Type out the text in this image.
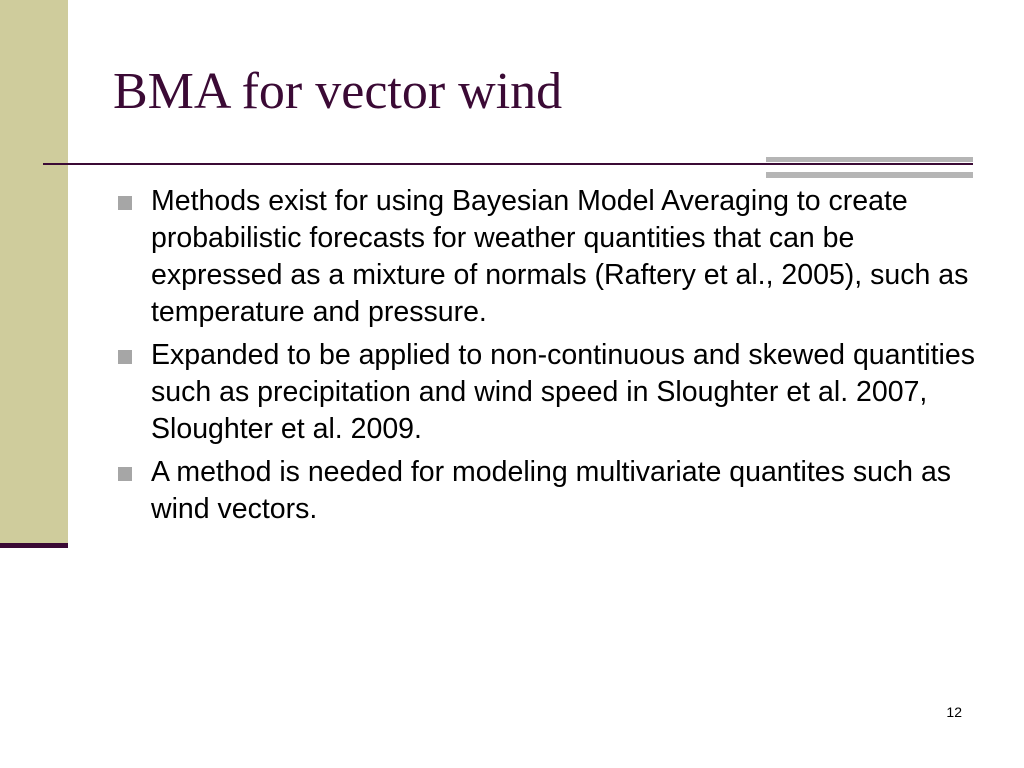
BMA for vector wind
Methods exist for using Bayesian Model Averaging to create probabilistic forecasts for weather quantities that can be expressed as a mixture of normals (Raftery et al., 2005), such as temperature and pressure.
Expanded to be applied to non-continuous and skewed quantities such as precipitation and wind speed in Sloughter et al. 2007, Sloughter et al. 2009.
A method is needed for modeling multivariate quantites such as wind vectors.
12
